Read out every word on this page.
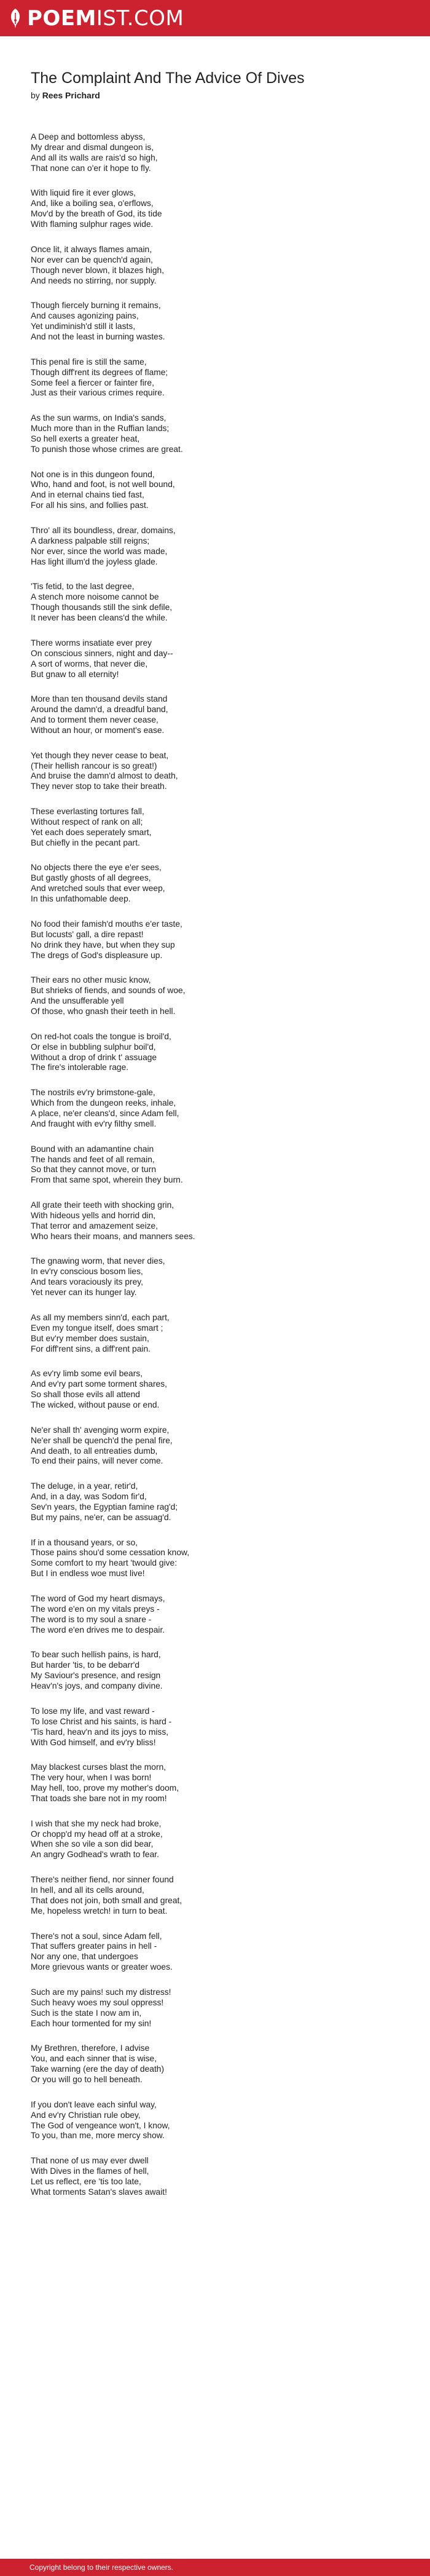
POEM IST.COM
The Complaint And The Advice Of Dives
by Rees Prichard

A Deep and bottomless abyss,
My drear and dismal dungeon is,
And all its walls are rais'd so high,
That none can o'er it hope to fly.

With liquid fire it ever glows,
And, like a boiling sea, o'erflows,
Mov'd by the breath of God, its tide
With flaming sulphur rages wide.

Once lit, it always flames amain,
Nor ever can be quench'd again,
Though never blown, it blazes high,
And needs no stirring, nor supply.

Though fiercely burning it remains,
And causes agonizing pains,
Yet undiminish'd still it lasts,
And not the least in burning wastes.

This penal fire is still the same,
Though diff'rent its degrees of flame;
Some feel a fiercer or fainter fire,
Just as their various crimes require.

As the sun warms, on India's sands,
Much more than in the Ruffian lands;
So hell exerts a greater heat,
To punish those whose crimes are great.

Not one is in this dungeon found,
Who, hand and foot, is not well bound,
And in eternal chains tied fast,
For all his sins, and follies past.

Thro' all its boundless, drear, domains,
A darkness palpable still reigns;
Nor ever, since the world was made,
Has light illum'd the joyless glade.

'Tis fetid, to the last degree,
A stench more noisome cannot be
Though thousands still the sink defile,
It never has been cleans'd the while.

There worms insatiate ever prey
On conscious sinners, night and day--
A sort of worms, that never die,
But gnaw to all eternity!

More than ten thousand devils stand
Around the damn'd, a dreadful band,
And to torment them never cease,
Without an hour, or moment's ease.

Yet though they never cease to beat,
(Their hellish rancour is so great!)
And bruise the damn'd almost to death,
They never stop to take their breath.

These everlasting tortures fall,
Without respect of rank on all;
Yet each does seperately smart,
But chiefly in the pecant part.

No objects there the eye e'er sees,
But gastly ghosts of all degrees,
And wretched souls that ever weep,
In this unfathomable deep.

No food their famish'd mouths e'er taste,
But locusts' gall, a dire repast!
No drink they have, but when they sup
The dregs of God's displeasure up.

Their ears no other music know,
But shrieks of fiends, and sounds of woe,
And the unsufferable yell
Of those, who gnash their teeth in hell.

On red-hot coals the tongue is broil'd,
Or else in bubbling sulphur boil'd,
Without a drop of drink t' assuage
The fire's intolerable rage.

The nostrils ev'ry brimstone-gale,
Which from the dungeon reeks, inhale,
A place, ne'er cleans'd, since Adam fell,
And fraught with ev'ry filthy smell.

Bound with an adamantine chain
The hands and feet of all remain,
So that they cannot move, or turn
From that same spot, wherein they burn.

All grate their teeth with shocking grin,
With hideous yells and horrid din,
That terror and amazement seize,
Who hears their moans, and manners sees.

The gnawing worm, that never dies,
In ev'ry conscious bosom lies,
And tears voraciously its prey,
Yet never can its hunger lay.

As all my members sinn'd, each part,
Even my tongue itself, does smart ;
But ev'ry member does sustain,
For diff'rent sins, a diff'rent pain.

As ev'ry limb some evil bears,
And ev'ry part some torment shares,
So shall those evils all attend
The wicked, without pause or end.

Ne'er shall th' avenging worm expire,
Ne'er shall be quench'd the penal fire,
And death, to all entreaties dumb,
To end their pains, will never come.

The deluge, in a year, retir'd,
And, in a day, was Sodom fir'd,
Sev'n years, the Egyptian famine rag'd;
But my pains, ne'er, can be assuag'd.

If in a thousand years, or so,
Those pains shou'd some cessation know,
Some comfort to my heart 'twould give:
But I in endless woe must live!

The word of God my heart dismays,
The word e'en on my vitals preys -
The word is to my soul a snare -
The word e'en drives me to despair.

To bear such hellish pains, is hard,
But harder 'tis, to be debarr'd
My Saviour's presence, and resign
Heav'n's joys, and company divine.

To lose my life, and vast reward -
To lose Christ and his saints, is hard -
'Tis hard, heav'n and its joys to miss,
With God himself, and ev'ry bliss!

May blackest curses blast the morn,
The very hour, when I was born!
May hell, too, prove my mother's doom,
That toads she bare not in my room!

I wish that she my neck had broke,
Or chopp'd my head off at a stroke,
When she so vile a son did bear,
An angry Godhead's wrath to fear.

There's neither fiend, nor sinner found
In hell, and all its cells around,
That does not join, both small and great,
Me, hopeless wretch! in turn to beat.

There's not a soul, since Adam fell,
That suffers greater pains in hell -
Nor any one, that undergoes
More grievous wants or greater woes.

Such are my pains! such my distress!
Such heavy woes my soul oppress!
Such is the state I now am in,
Each hour tormented for my sin!

My Brethren, therefore, I advise
You, and each sinner that is wise,
Take warning (ere the day of death)
Or you will go to hell beneath.

If you don't leave each sinful way,
And ev'ry Christian rule obey,
The God of vengeance won't, I know,
To you, than me, more mercy show.

That none of us may ever dwell
With Dives in the flames of hell,
Let us reflect, ere 'tis too late,
What torments Satan's slaves await!

Copyright belong to their respective owners.
